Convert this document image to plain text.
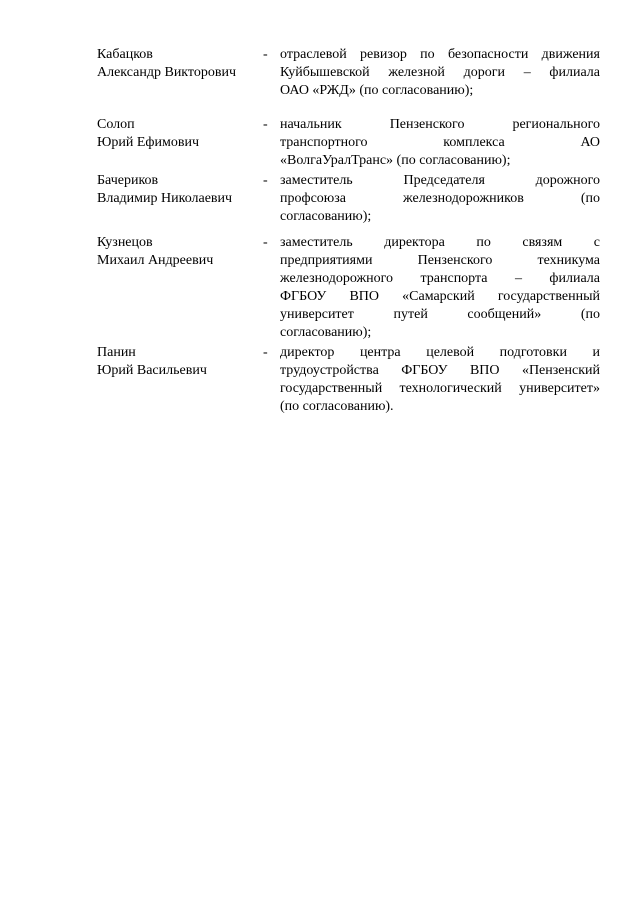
Кабацков
Александр Викторович
- отраслевой ревизор по безопасности движения
Куйбышевской железной дороги – филиала
ОАО «РЖД» (по согласованию);
Солоп
Юрий Ефимович
- начальник Пензенского регионального
транспортного комплекса АО
«ВолгаУралТранс» (по согласованию);
Бачериков
Владимир Николаевич
- заместитель Председателя дорожного
профсоюза железнодорожников (по
согласованию);
Кузнецов
Михаил Андреевич
- заместитель директора по связям с
предприятиями Пензенского техникума
железнодорожного транспорта – филиала
ФГБОУ ВПО «Самарский государственный
университет путей сообщений» (по
согласованию);
Панин
Юрий Васильевич
- директор центра целевой подготовки и
трудоустройства ФГБОУ ВПО «Пензенский
государственный технологический университет»
(по согласованию).
